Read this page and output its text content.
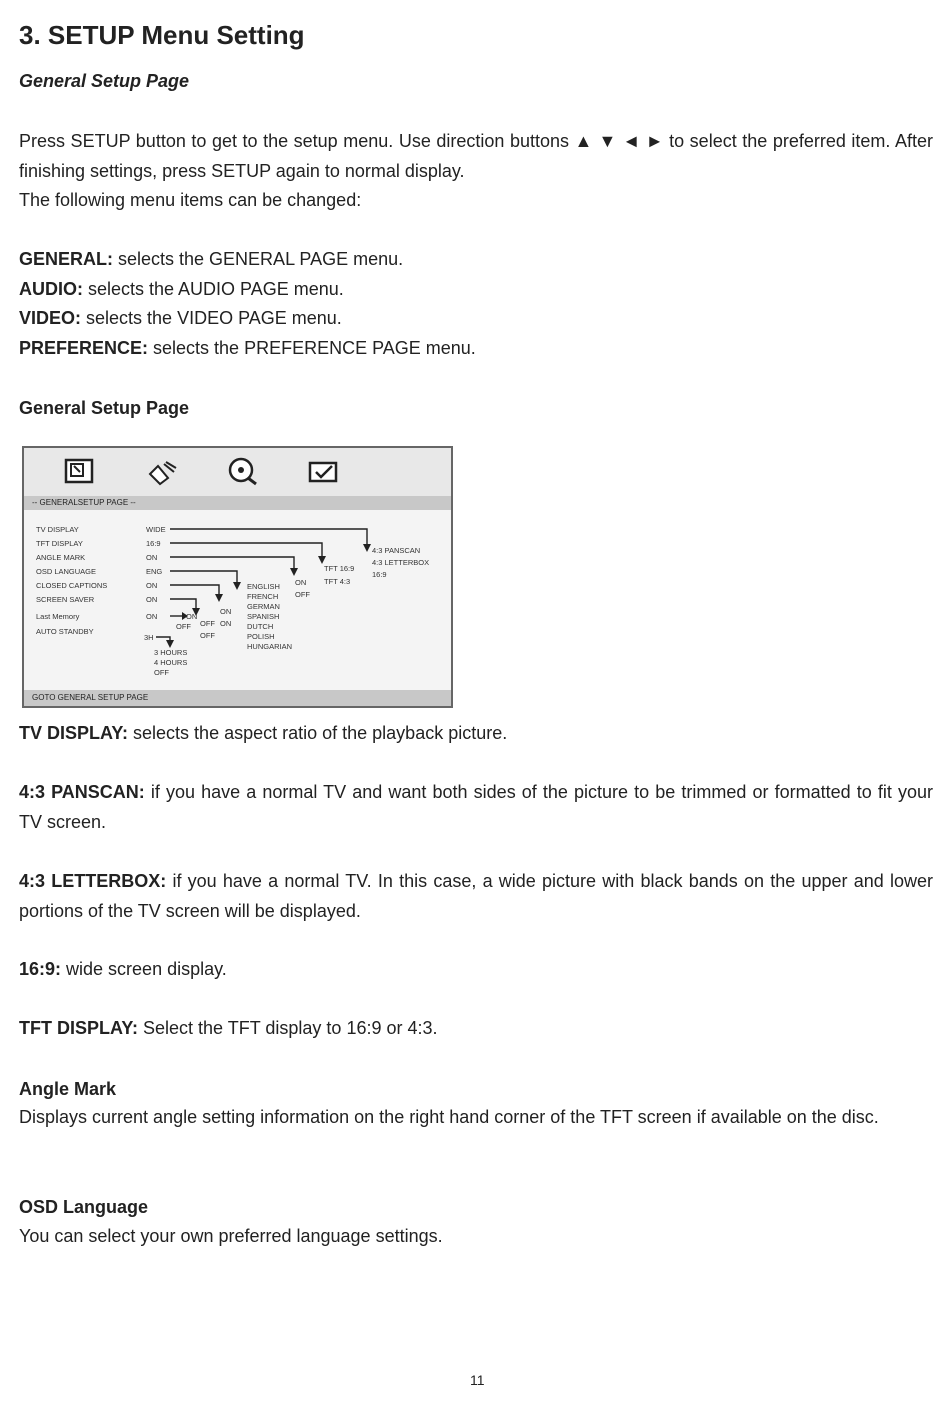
3. SETUP Menu Setting
General Setup Page
Press SETUP button to get to the setup menu. Use direction buttons ▲ ▼ ◄ ► to select the preferred item. After finishing settings, press SETUP again to normal display.
The following menu items can be changed:
GENERAL: selects the GENERAL PAGE menu.
AUDIO: selects the AUDIO PAGE menu.
VIDEO: selects the VIDEO PAGE menu.
PREFERENCE: selects the PREFERENCE PAGE menu.
General Setup Page
-- GENERALSETUP PAGE --
TV DISPLAY
TFT DISPLAY
ANGLE MARK
OSD LANGUAGE
CLOSED CAPTIONS
SCREEN SAVER
Last Memory
AUTO STANDBY
WIDE
16:9
ON
ENG
ON
ON
ON
3H
4:3 PANSCAN
4:3 LETTERBOX
16:9
TFT 16:9
TFT 4:3
ON
OFF
ENGLISH
FRENCH
GERMAN
SPANISH
DUTCH
POLISH
HUNGARIAN
ON
OFF
OFF
ON
ON
OFF
3 HOURS
4 HOURS
OFF
GOTO GENERAL SETUP PAGE
TV DISPLAY: selects the aspect ratio of the playback picture.
4:3 PANSCAN: if you have a normal TV and want both sides of the picture to be trimmed or formatted to fit your TV screen.
4:3 LETTERBOX: if you have a normal TV. In this case, a wide picture with black bands on the upper and lower portions of the TV screen will be displayed.
16:9: wide screen display.
TFT DISPLAY: Select the TFT display to 16:9 or 4:3.
Angle Mark
Displays current angle setting information on the right hand corner of the TFT screen if available on the disc.
OSD Language
You can select your own preferred language settings.
11
